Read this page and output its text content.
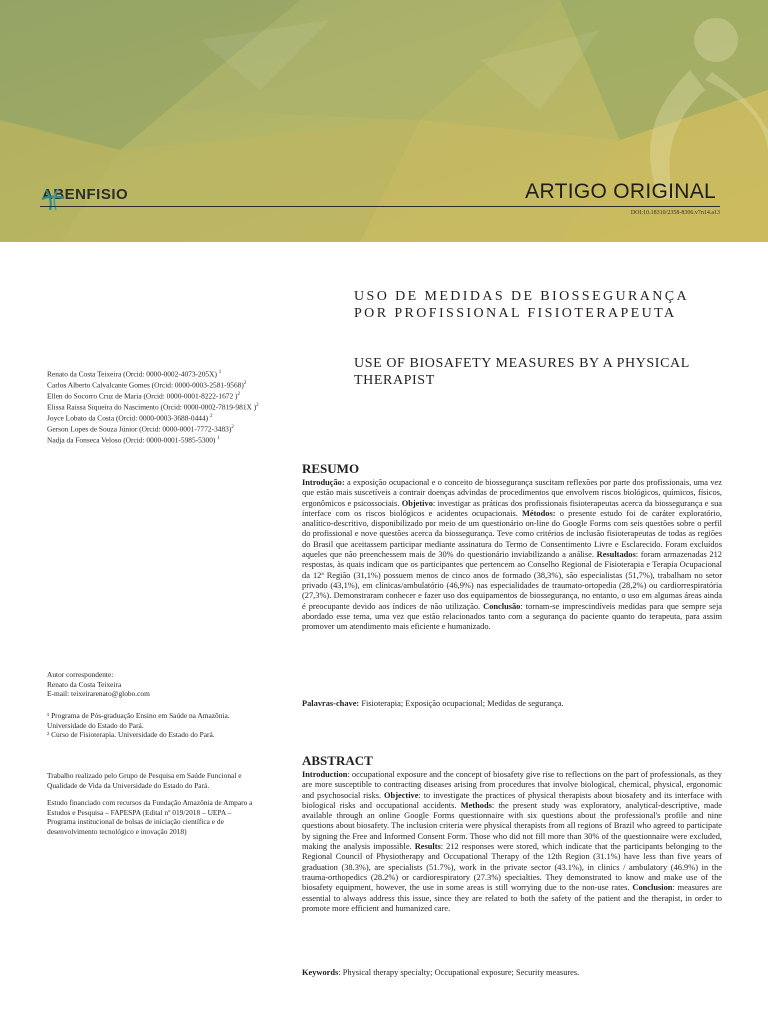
ABENFISIO	ARTIGO ORIGINAL
DOI:10.18310/2358-8306.v7n14.a13
USO DE MEDIDAS DE BIOSSEGURANÇA POR PROFISSIONAL FISIOTERAPEUTA
USE OF BIOSAFETY MEASURES BY A PHYSICAL THERAPIST
Renato da Costa Teixeira (Orcid: 0000-0002-4073-205X) $^1$
Carlos Alberto Calvalcante Gomes (Orcid: 0000-0003-2581-9568)$^2$
Ellen do Socorro Cruz de Maria (Orcid: 0000-0001-8222-1672 )$^2$
Elissa Raissa Siqueira do Nascimento (Orcid: 0000-0002-7819-981X )$^2$
Joyce Lobato da Costa (Orcid: 0000-0003-3688-0444) $^2$
Gerson Lopes de Souza Júnior (Orcid: 0000-0001-7772-3483)$^2$
Nadja da Fonseca Veloso (Orcid: 0000-0001-5985-5300) $^1$
Autor correspondente:
Renato da Costa Teixeira
E-mail: teixeirarenato@globo.com

¹ Programa de Pós-graduação Ensino em Saúde na Amazônia. Universidade do Estado do Pará.

² Curso de Fisioterapia. Universidade do Estado do Pará.

Trabalho realizado pelo Grupo de Pesquisa em Saúde Funcional e Qualidade de Vida da Universidade do Estado do Pará.

Estudo financiado com recursos da Fundação Amazônia de Amparo a Estudos e Pesquisa – FAPESPA (Edital nº 019/2018 – UEPA – Programa institucional de bolsas de iniciação científica e de desenvolvimento tecnológico e inovação 2018)

RESUMO
Introdução: a exposição ocupacional e o conceito de biossegurança suscitam reflexões por parte dos profissionais, uma vez que estão mais suscetíveis a contrair doenças advindas de procedimentos que envolvem riscos biológicos, químicos, físicos, ergonômicos e psicossociais. Objetivo: investigar as práticas dos profissionais fisioterapeutas acerca da biossegurança e sua interface com os riscos biológicos e acidentes ocupacionais. Métodos: o presente estudo foi de caráter exploratório, analítico-descritivo, disponibilizado por meio de um questionário on-line do Google Forms com seis questões sobre o perfil do profissional e nove questões acerca da biossegurança. Teve como critérios de inclusão fisioterapeutas de todas as regiões do Brasil que aceitassem participar mediante assinatura do Termo de Consentimento Livre e Esclarecido. Foram excluídos aqueles que não preenchessem mais de 30% do questionário inviabilizando a análise. Resultados: foram armazenadas 212 respostas, às quais indicam que os participantes que pertencem ao Conselho Regional de Fisioterapia e Terapia Ocupacional da 12ª Região (31,1%) possuem menos de cinco anos de formado (38,3%), são especialistas (51,7%), trabalham no setor privado (43,1%), em clínicas/ambulatório (46,9%) nas especialidades de traumato-ortopedia (28,2%) ou cardiorrespiratória (27,3%). Demonstraram conhecer e fazer uso dos equipamentos de biossegurança, no entanto, o uso em algumas áreas ainda é preocupante devido aos índices de não utilização. Conclusão: tornam-se imprescindíveis medidas para que sempre seja abordado esse tema, uma vez que estão relacionados tanto com a segurança do paciente quanto do terapeuta, para assim promover um atendimento mais eficiente e humanizado.
Palavras-chave: Fisioterapia; Exposição ocupacional; Medidas de segurança.
ABSTRACT
Introduction: occupational exposure and the concept of biosafety give rise to reflections on the part of professionals, as they are more susceptible to contracting diseases arising from procedures that involve biological, chemical, physical, ergonomic and psychosocial risks. Objective: to investigate the practices of physical therapists about biosafety and its interface with biological risks and occupational accidents. Methods: the present study was exploratory, analytical-descriptive, made available through an online Google Forms questionnaire with six questions about the professional's profile and nine questions about biosafety. The inclusion criteria were physical therapists from all regions of Brazil who agreed to participate by signing the Free and Informed Consent Form. Those who did not fill more than 30% of the questionnaire were excluded, making the analysis impossible. Results: 212 responses were stored, which indicate that the participants belonging to the Regional Council of Physiotherapy and Occupational Therapy of the 12th Region (31.1%) have less than five years of graduation (38.3%), are specialists (51.7%), work in the private sector (43.1%), in clinics / ambulatory (46.9%) in the trauma-orthopedics (28.2%) or cardiorespiratory (27.3%) specialties. They demonstrated to know and make use of the biosafety equipment, however, the use in some areas is still worrying due to the non-use rates. Conclusion: measures are essential to always address this issue, since they are related to both the safety of the patient and the therapist, in order to promote more efficient and humanized care.
Keywords: Physical therapy specialty; Occupational exposure; Security measures.
